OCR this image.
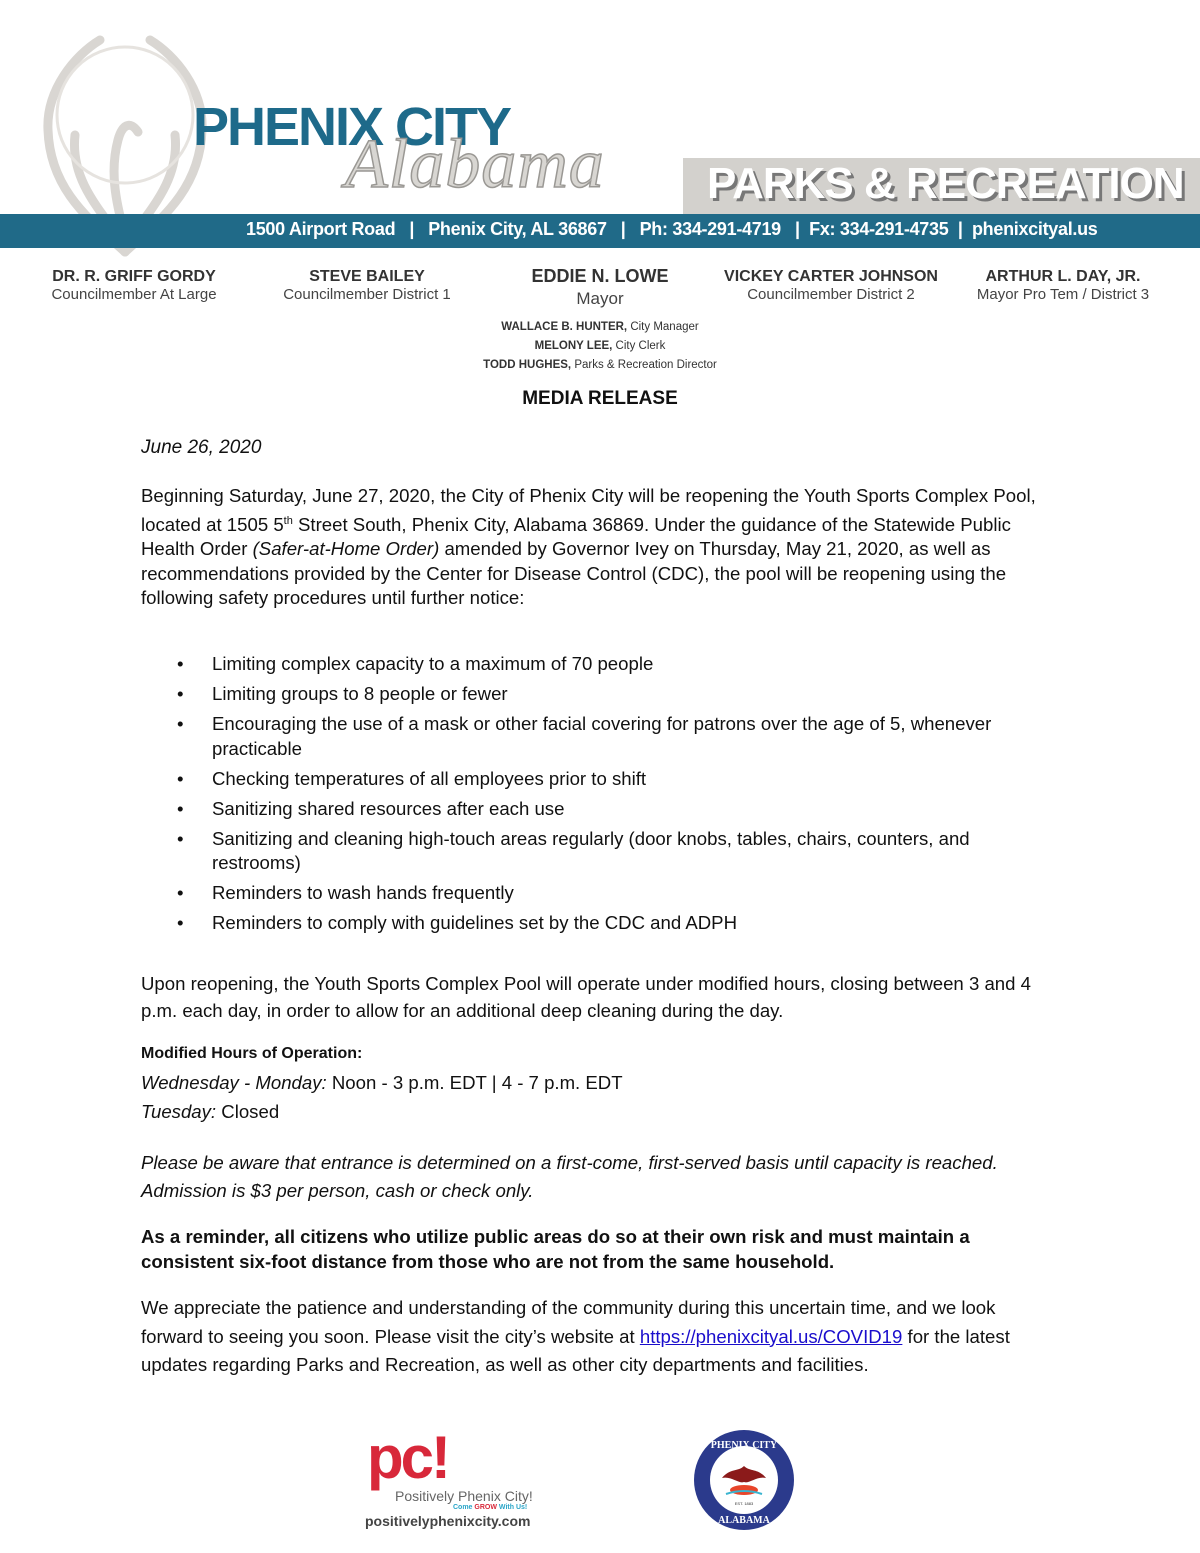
PHENIX CITY
Alabama PARKS & RECREATION
1500 Airport Road   |   Phenix City, AL 36867   |   Ph: 334-291-4719   |  Fx: 334-291-4735  |  phenixcityal.us
DR. R. GRIFF GORDY
Councilmember At Large
STEVE BAILEY
Councilmember District 1
EDDIE N. LOWE
Mayor
VICKEY CARTER JOHNSON
Councilmember District 2
ARTHUR L. DAY, JR.
Mayor Pro Tem / District 3
WALLACE B. HUNTER, City Manager
MELONY LEE, City Clerk
TODD HUGHES, Parks & Recreation Director
MEDIA RELEASE
June 26, 2020
Beginning Saturday, June 27, 2020, the City of Phenix City will be reopening the Youth Sports Complex Pool, located at 1505 5th Street South, Phenix City, Alabama 36869. Under the guidance of the Statewide Public Health Order (Safer-at-Home Order) amended by Governor Ivey on Thursday, May 21, 2020, as well as recommendations provided by the Center for Disease Control (CDC), the pool will be reopening using the following safety procedures until further notice:
• Limiting complex capacity to a maximum of 70 people
• Limiting groups to 8 people or fewer
• Encouraging the use of a mask or other facial covering for patrons over the age of 5, whenever practicable
• Checking temperatures of all employees prior to shift
• Sanitizing shared resources after each use
• Sanitizing and cleaning high-touch areas regularly (door knobs, tables, chairs, counters, and restrooms)
• Reminders to wash hands frequently
• Reminders to comply with guidelines set by the CDC and ADPH
Upon reopening, the Youth Sports Complex Pool will operate under modified hours, closing between 3 and 4 p.m. each day, in order to allow for an additional deep cleaning during the day.
Modified Hours of Operation:
Wednesday - Monday: Noon - 3 p.m. EDT | 4 - 7 p.m. EDT
Tuesday: Closed
Please be aware that entrance is determined on a first-come, first-served basis until capacity is reached. Admission is $3 per person, cash or check only.
As a reminder, all citizens who utilize public areas do so at their own risk and must maintain a consistent six-foot distance from those who are not from the same household.
We appreciate the patience and understanding of the community during this uncertain time, and we look forward to seeing you soon. Please visit the city’s website at https://phenixcityal.us/COVID19 for the latest updates regarding Parks and Recreation, as well as other city departments and facilities.
pc!
Positively Phenix City!
Come GROW With Us!
positivelyphenixcity.com
PHENIX CITY
ALABAMA
EST. 1883
